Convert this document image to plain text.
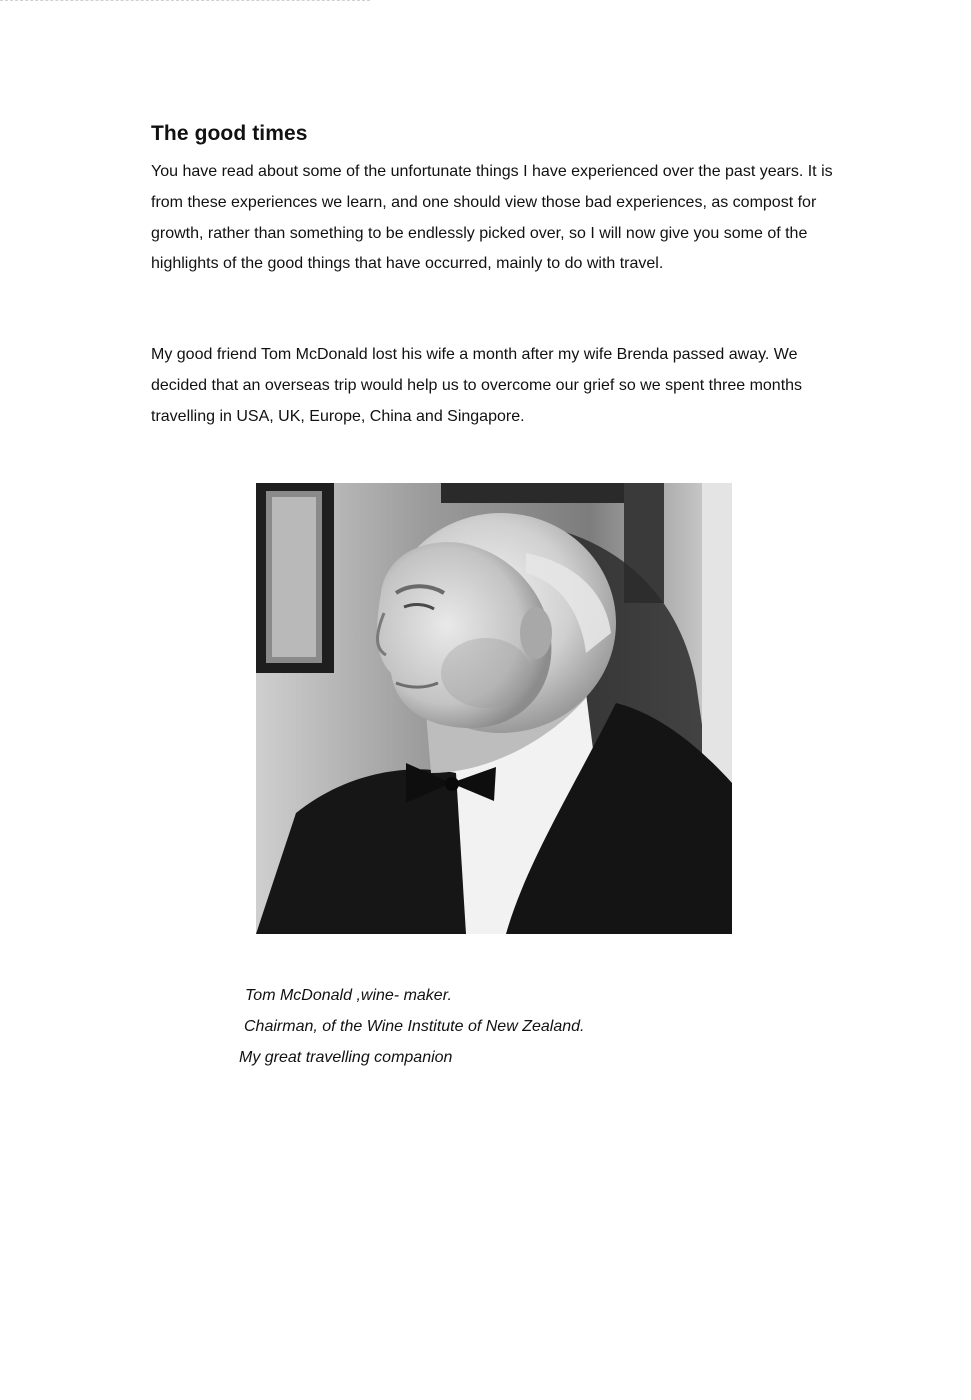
The good times

You have read about some of the unfortunate things I have experienced over the past years. It is from these experiences we learn, and one should view those bad experiences, as compost for growth, rather than something to be endlessly picked over, so I will now give you some of the highlights of the good things that have occurred, mainly to do with travel.

My good friend Tom McDonald lost his wife a month after my wife Brenda passed away. We decided that an overseas trip would help us to overcome our grief so we spent three months travelling in USA, UK, Europe, China and Singapore.

Tom McDonald ,wine- maker.

Chairman, of the Wine Institute of New Zealand.

My great travelling companion
